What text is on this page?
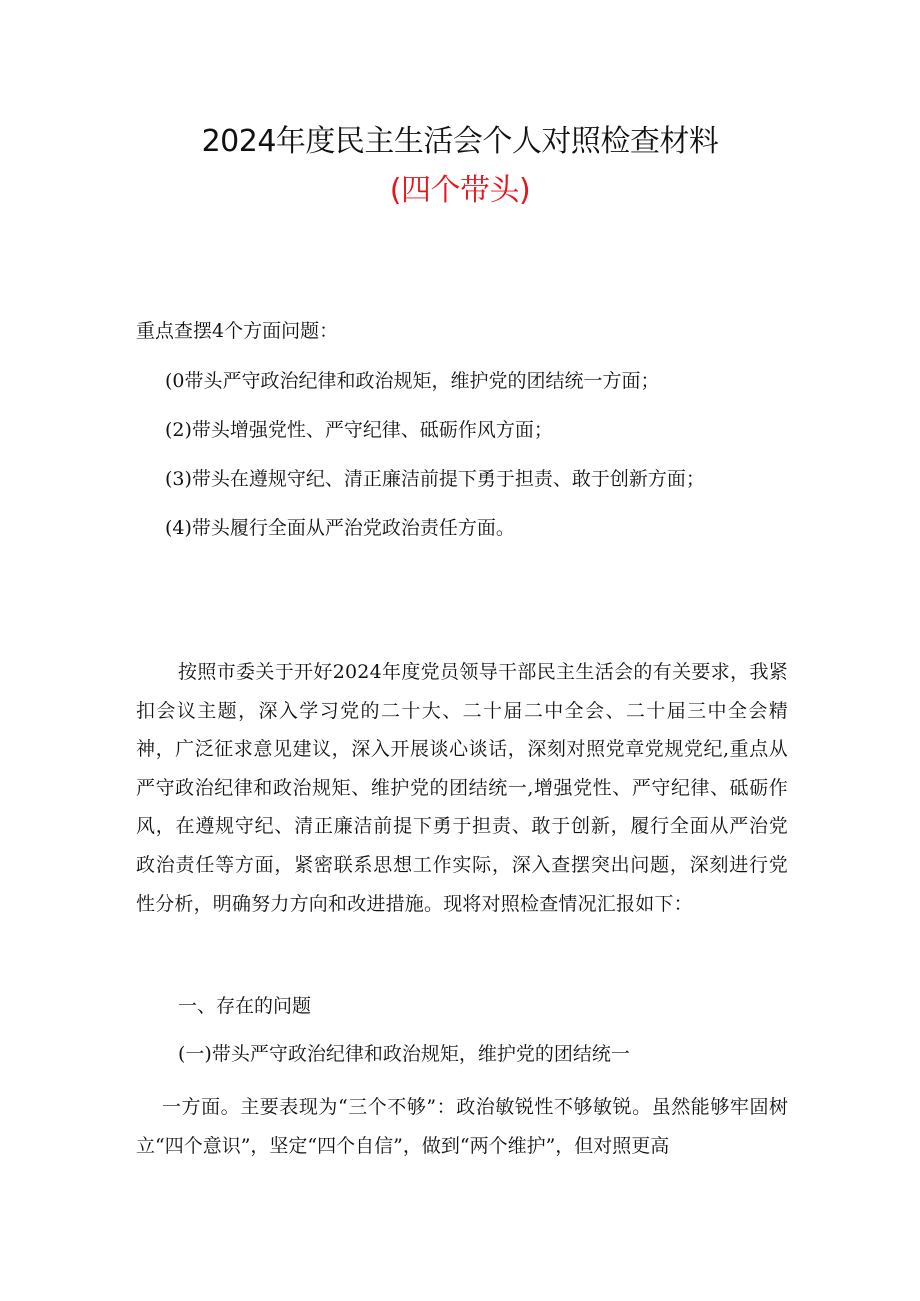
2024年度民主生活会个人对照检查材料
(四个带头)
重点查摆4个方面问题：
(0带头严守政治纪律和政治规矩，维护党的团结统一方面；
(2)带头增强党性、严守纪律、砥砺作风方面；
(3)带头在遵规守纪、清正廉洁前提下勇于担责、敢于创新方面；
(4)带头履行全面从严治党政治责任方面。
按照市委关于开好2024年度党员领导干部民主生活会的有关要求，我紧扣会议主题，深入学习党的二十大、二十届二中全会、二十届三中全会精神，广泛征求意见建议，深入开展谈心谈话，深刻对照党章党规党纪,重点从严守政治纪律和政治规矩、维护党的团结统一,增强党性、严守纪律、砥砺作风，在遵规守纪、清正廉洁前提下勇于担责、敢于创新，履行全面从严治党政治责任等方面，紧密联系思想工作实际，深入查摆突出问题，深刻进行党性分析，明确努力方向和改进措施。现将对照检查情况汇报如下：
一、存在的问题
(一)带头严守政治纪律和政治规矩，维护党的团结统一
一方面。主要表现为“三个不够”：政治敏锐性不够敏锐。虽然能够牢固树立“四个意识”，坚定“四个自信”，做到“两个维护”，但对照更高
